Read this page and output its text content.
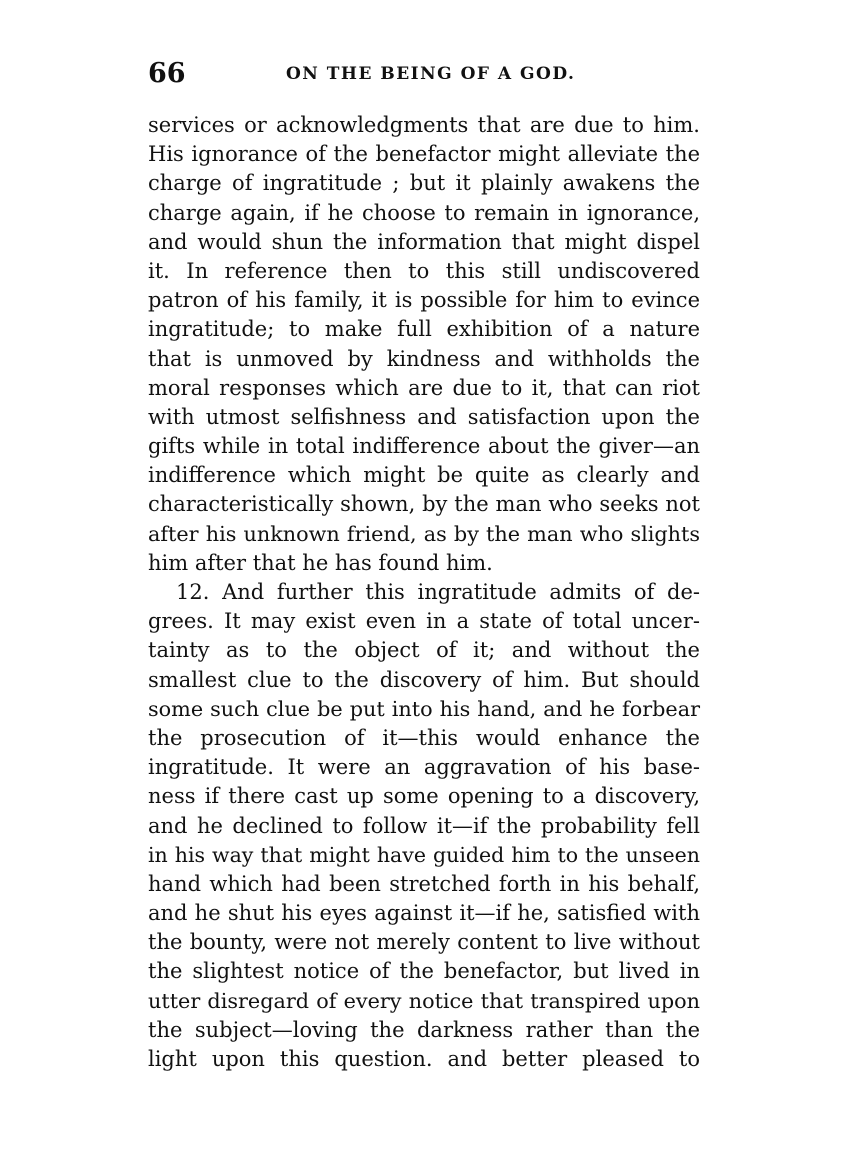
66	ON THE BEING OF A GOD.
services or acknowledgments that are due to him.
His ignorance of the benefactor might alleviate the
charge of ingratitude ; but it plainly awakens the
charge again, if he choose to remain in ignorance,
and would shun the information that might dispel
it. In reference then to this still undiscovered
patron of his family, it is possible for him to evince
ingratitude; to make full exhibition of a nature
that is unmoved by kindness and withholds the
moral responses which are due to it, that can riot
with utmost selfishness and satisfaction upon the
gifts while in total indifference about the giver—an
indifference which might be quite as clearly and
characteristically shown, by the man who seeks not
after his unknown friend, as by the man who slights
him after that he has found him.
12. And further this ingratitude admits of de-
grees. It may exist even in a state of total uncer-
tainty as to the object of it; and without the
smallest clue to the discovery of him. But should
some such clue be put into his hand, and he forbear
the prosecution of it—this would enhance the
ingratitude. It were an aggravation of his base-
ness if there cast up some opening to a discovery,
and he declined to follow it—if the probability fell
in his way that might have guided him to the unseen
hand which had been stretched forth in his behalf,
and he shut his eyes against it—if he, satisfied with
the bounty, were not merely content to live without
the slightest notice of the benefactor, but lived in
utter disregard of every notice that transpired upon
the subject—loving the darkness rather than the
light upon this question. and better pleased to
